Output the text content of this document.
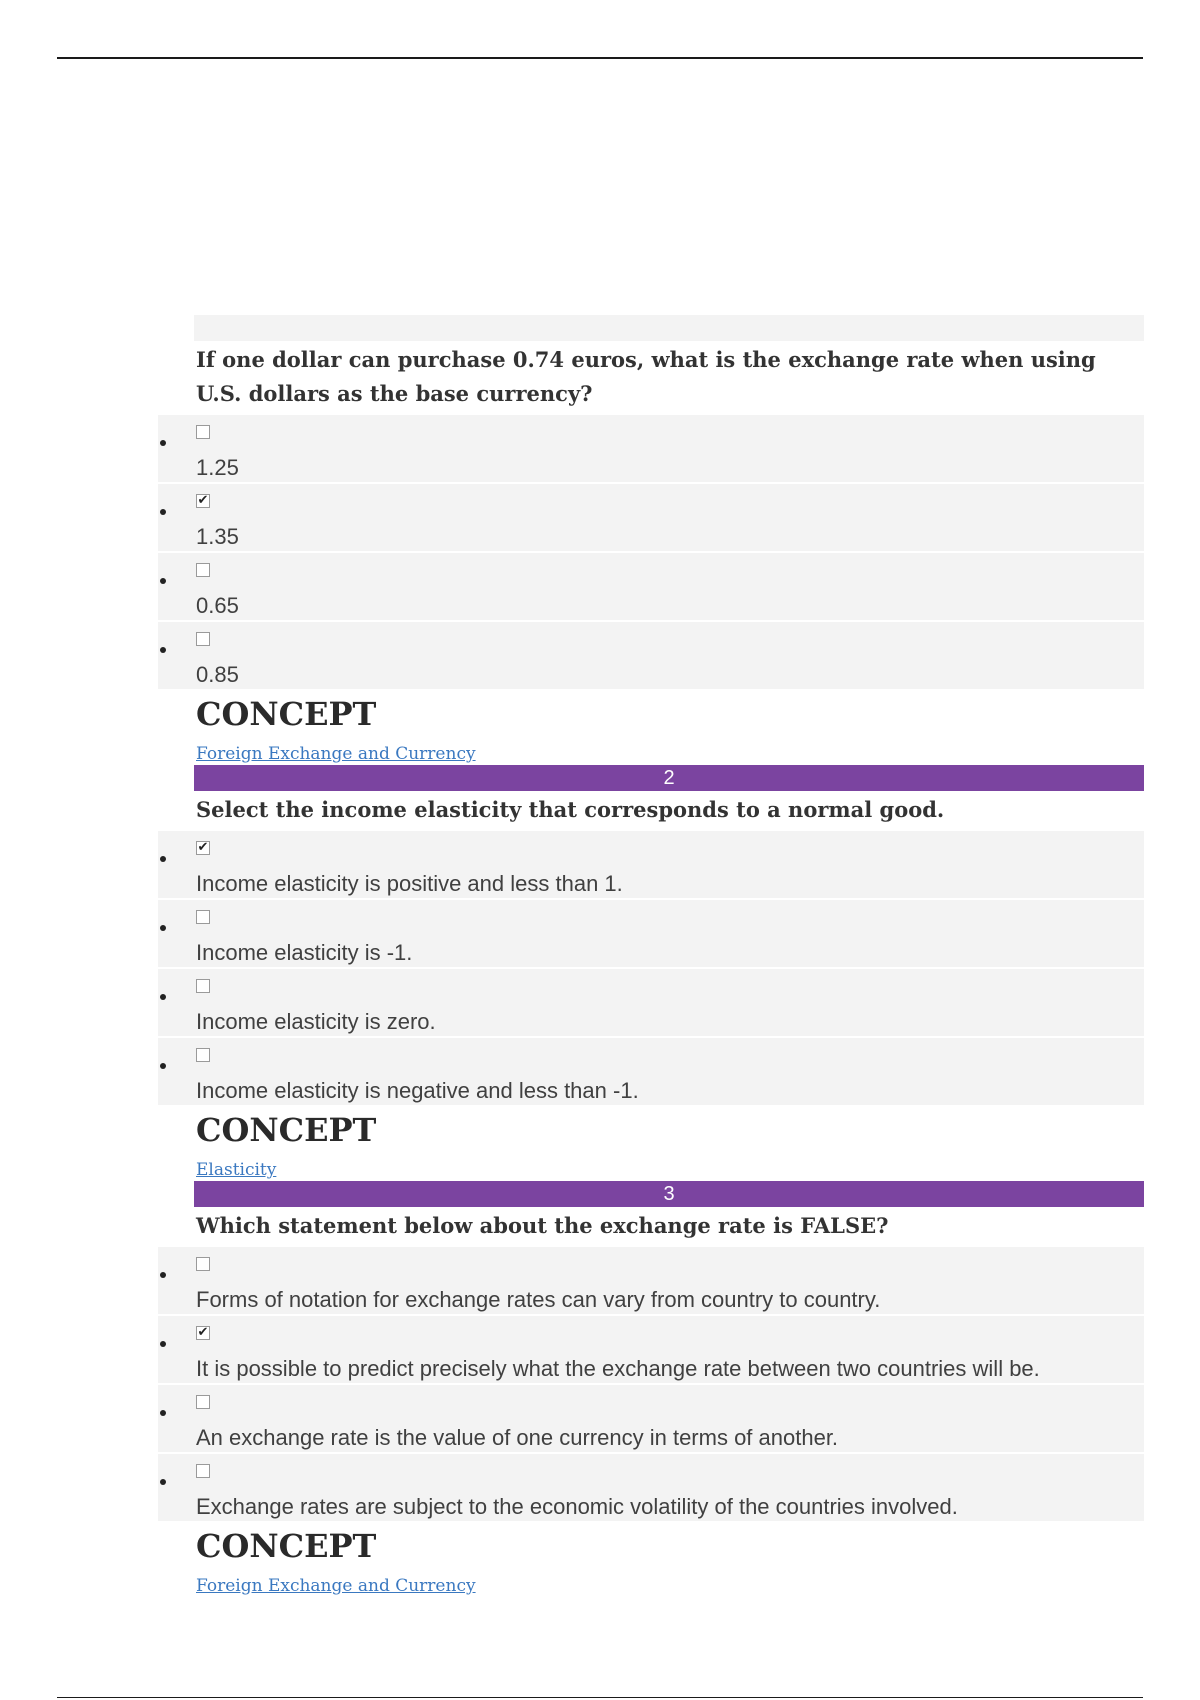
If one dollar can purchase 0.74 euros, what is the exchange rate when using U.S. dollars as the base currency?
1.25
✔
1.35
0.65
0.85
CONCEPT
Foreign Exchange and Currency
2
Select the income elasticity that corresponds to a normal good.
✔
Income elasticity is positive and less than 1.
Income elasticity is -1.
Income elasticity is zero.
Income elasticity is negative and less than -1.
CONCEPT
Elasticity
3
Which statement below about the exchange rate is FALSE?
Forms of notation for exchange rates can vary from country to country.
✔
It is possible to predict precisely what the exchange rate between two countries will be.
An exchange rate is the value of one currency in terms of another.
Exchange rates are subject to the economic volatility of the countries involved.
CONCEPT
Foreign Exchange and Currency
